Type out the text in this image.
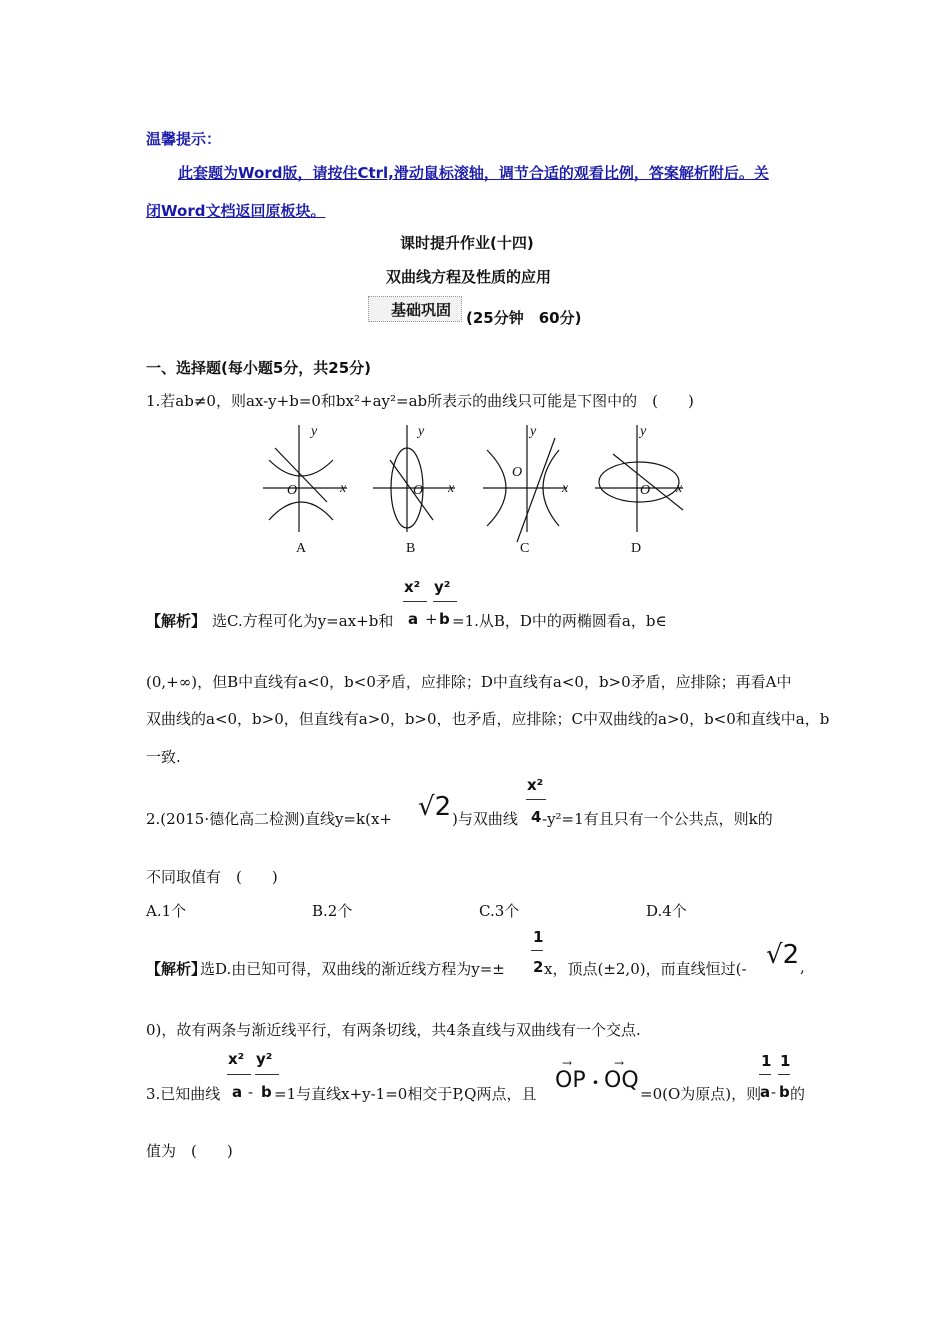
温馨提示：
此套题为Word版，请按住Ctrl,滑动鼠标滚轴，调节合适的观看比例，答案解析附后。关
闭Word文档返回原板块。
课时提升作业(十四)
双曲线方程及性质的应用
基础巩固 (25分钟　60分)
一、选择题(每小题5分，共25分)
1.若ab≠0，则ax-y+b=0和bx²+ay²=ab所表示的曲线只可能是下图中的　(　　)
A	B	C	D
y
x
O
y
x
O
y
x
O
y
x
O
【解析】 选C.方程可化为y=ax+b和
x²
a +
y²
b =1.从B，D中的两椭圆看a，b∈
(0,+∞)，但B中直线有a<0，b<0矛盾，应排除；D中直线有a<0，b>0矛盾，应排除；再看A中
双曲线的a<0，b>0，但直线有a>0，b>0，也矛盾，应排除；C中双曲线的a>0，b<0和直线中a，b
一致.
2.(2015·德化高二检测)直线y=k(x+ √2 )与双曲线
x²
4 -y²=1有且只有一个公共点，则k的
不同取值有　(　　)
A.1个	B.2个	C.3个	D.4个
【解析】
选D.由已知可得，双曲线的渐近线方程为y=±
1
2 x，顶点(±2,0)，而直线恒过(- √2 ,
0)，故有两条与渐近线平行，有两条切线，共4条直线与双曲线有一个交点.
3.已知曲线
x²
a -
y²
b =1与直线x+y-1=0相交于P,Q两点，且
→
OP ·
→
OQ
=0(O为原点)，则
1
a -
1
b 的
值为　(　　)
